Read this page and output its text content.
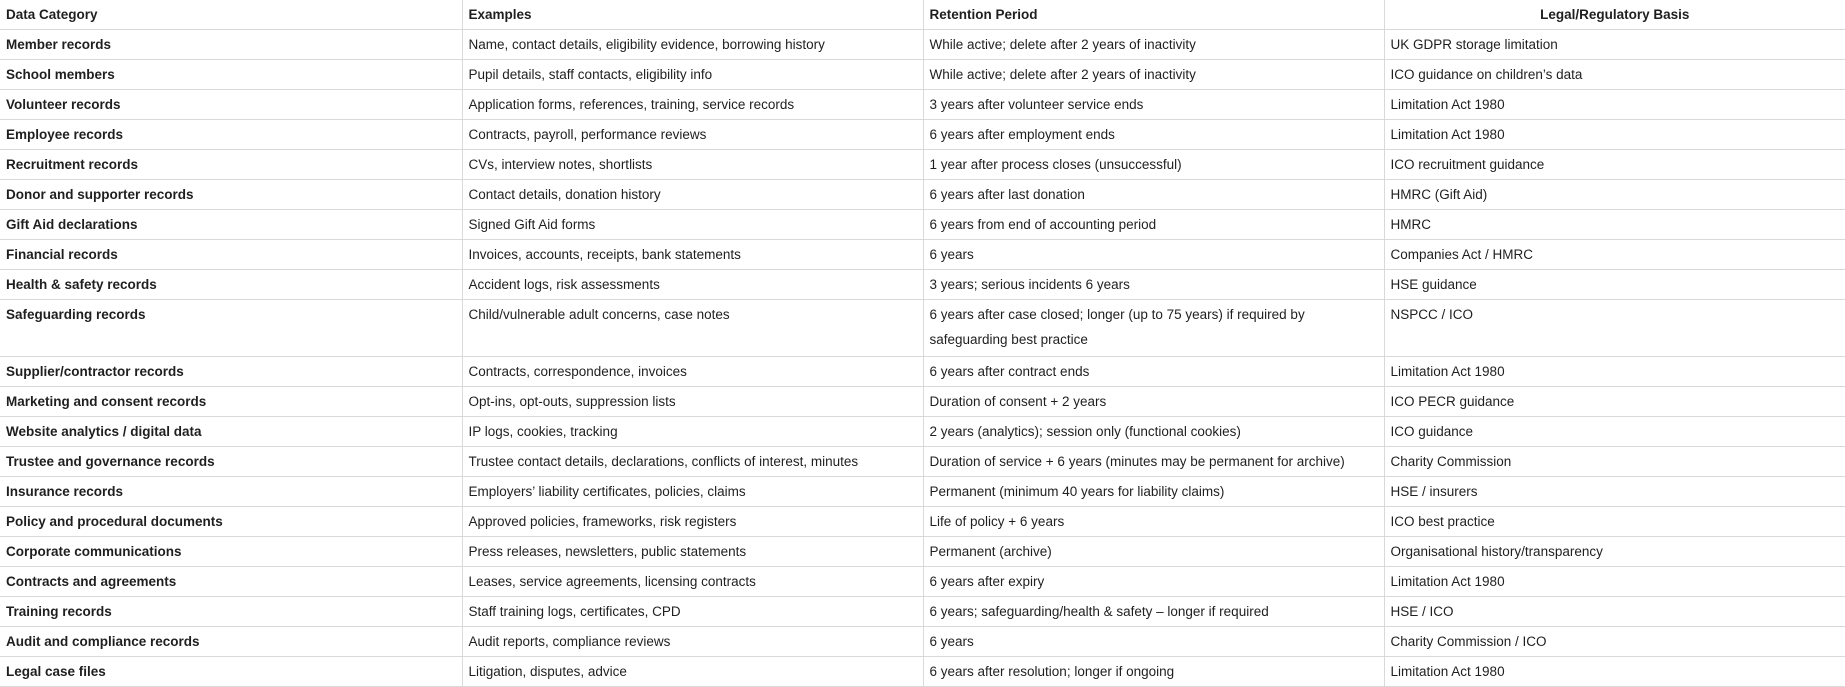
Data Category	Examples	Retention Period	Legal/Regulatory Basis
Member records	Name, contact details, eligibility evidence, borrowing history	While active; delete after 2 years of inactivity	UK GDPR storage limitation
School members	Pupil details, staff contacts, eligibility info	While active; delete after 2 years of inactivity	ICO guidance on children’s data
Volunteer records	Application forms, references, training, service records	3 years after volunteer service ends	Limitation Act 1980
Employee records	Contracts, payroll, performance reviews	6 years after employment ends	Limitation Act 1980
Recruitment records	CVs, interview notes, shortlists	1 year after process closes (unsuccessful)	ICO recruitment guidance
Donor and supporter records	Contact details, donation history	6 years after last donation	HMRC (Gift Aid)
Gift Aid declarations	Signed Gift Aid forms	6 years from end of accounting period	HMRC
Financial records	Invoices, accounts, receipts, bank statements	6 years	Companies Act / HMRC
Health & safety records	Accident logs, risk assessments	3 years; serious incidents 6 years	HSE guidance
Safeguarding records	Child/vulnerable adult concerns, case notes	6 years after case closed; longer (up to 75 years) if required by safeguarding best practice	NSPCC / ICO
Supplier/contractor records	Contracts, correspondence, invoices	6 years after contract ends	Limitation Act 1980
Marketing and consent records	Opt-ins, opt-outs, suppression lists	Duration of consent + 2 years	ICO PECR guidance
Website analytics / digital data	IP logs, cookies, tracking	2 years (analytics); session only (functional cookies)	ICO guidance
Trustee and governance records	Trustee contact details, declarations, conflicts of interest, minutes	Duration of service + 6 years (minutes may be permanent for archive)	Charity Commission
Insurance records	Employers’ liability certificates, policies, claims	Permanent (minimum 40 years for liability claims)	HSE / insurers
Policy and procedural documents	Approved policies, frameworks, risk registers	Life of policy + 6 years	ICO best practice
Corporate communications	Press releases, newsletters, public statements	Permanent (archive)	Organisational history/transparency
Contracts and agreements	Leases, service agreements, licensing contracts	6 years after expiry	Limitation Act 1980
Training records	Staff training logs, certificates, CPD	6 years; safeguarding/health & safety – longer if required	HSE / ICO
Audit and compliance records	Audit reports, compliance reviews	6 years	Charity Commission / ICO
Legal case files	Litigation, disputes, advice	6 years after resolution; longer if ongoing	Limitation Act 1980
